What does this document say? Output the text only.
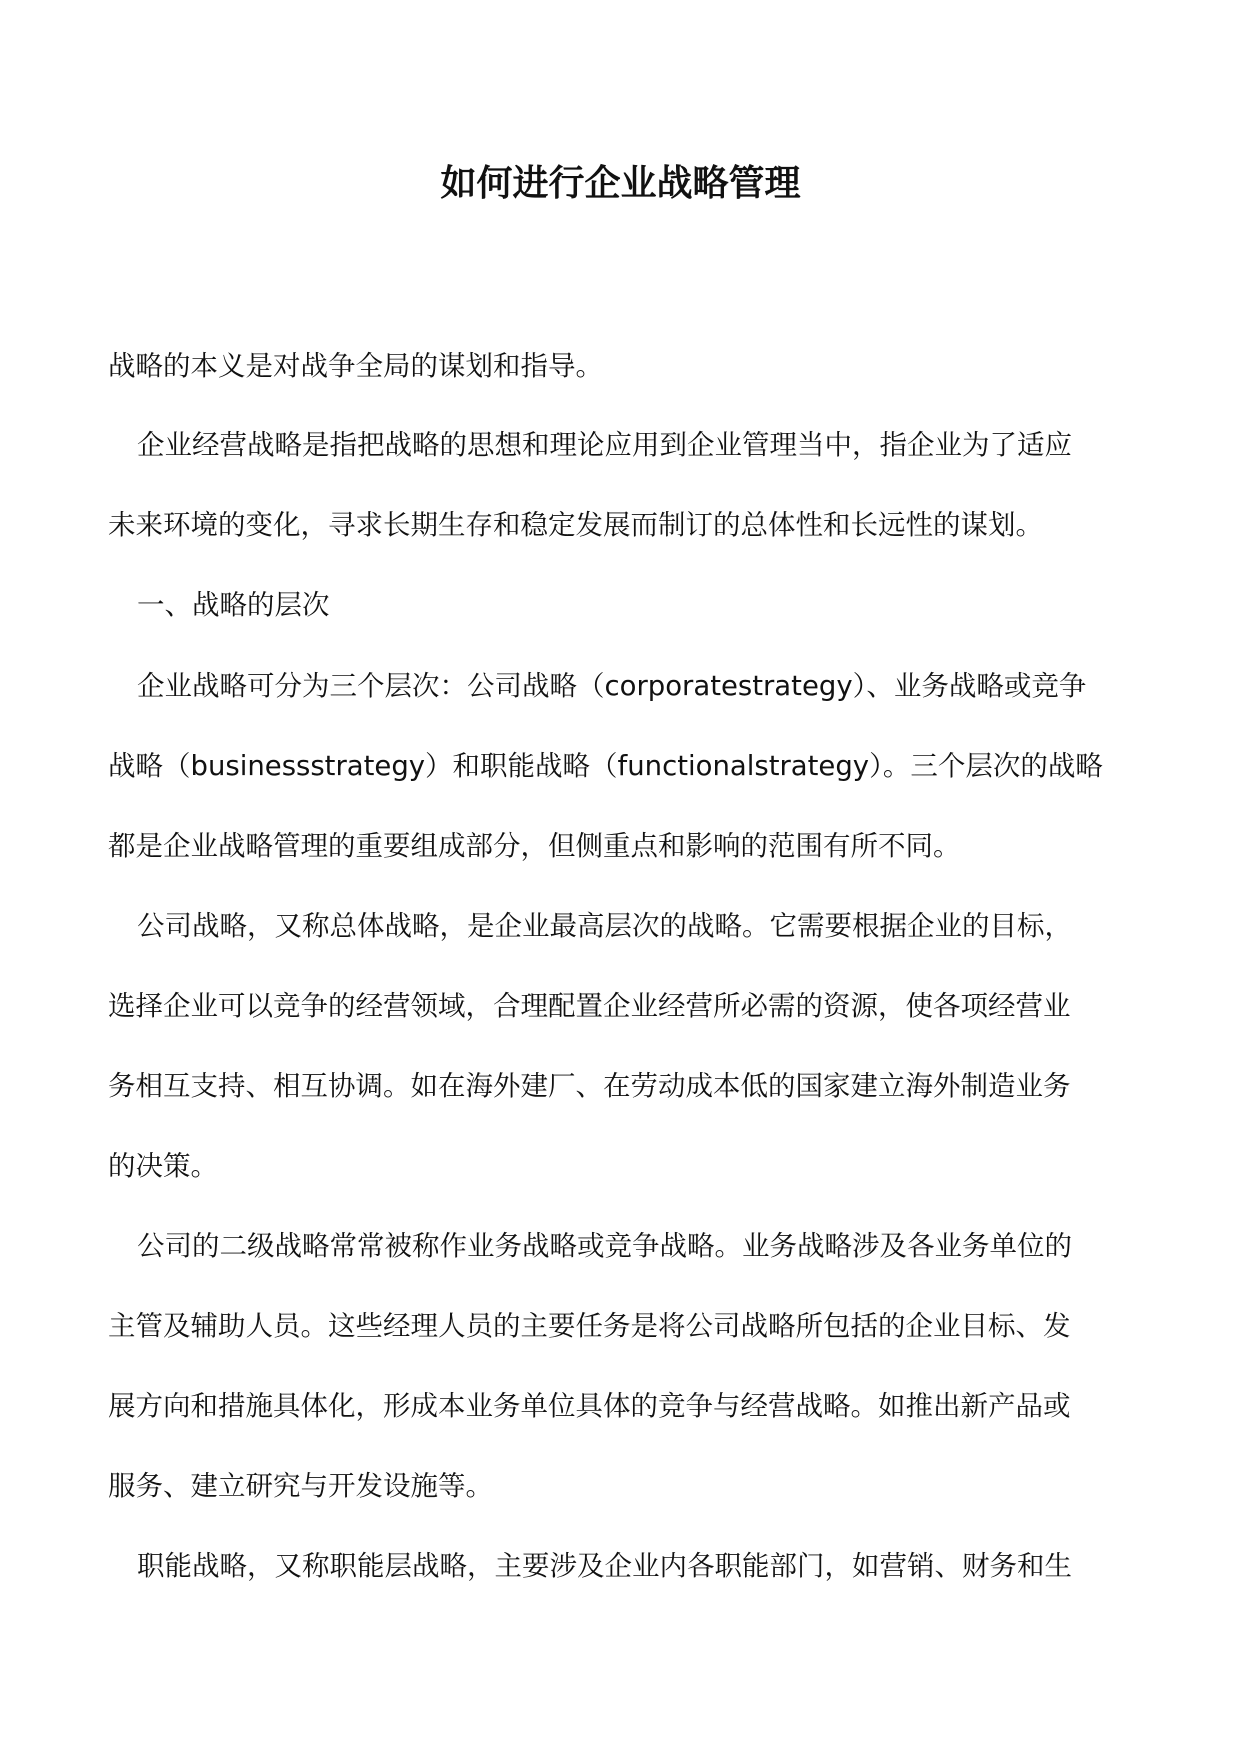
如何进行企业战略管理
战略的本义是对战争全局的谋划和指导。
企业经营战略是指把战略的思想和理论应用到企业管理当中，指企业为了适应
未来环境的变化，寻求长期生存和稳定发展而制订的总体性和长远性的谋划。
一、战略的层次
企业战略可分为三个层次：公司战略（corporatestrategy）、业务战略或竞争
战略（businessstrategy）和职能战略（functionalstrategy）。三个层次的战略
都是企业战略管理的重要组成部分，但侧重点和影响的范围有所不同。
公司战略，又称总体战略，是企业最高层次的战略。它需要根据企业的目标，
选择企业可以竞争的经营领域，合理配置企业经营所必需的资源，使各项经营业
务相互支持、相互协调。如在海外建厂、在劳动成本低的国家建立海外制造业务
的决策。
公司的二级战略常常被称作业务战略或竞争战略。业务战略涉及各业务单位的
主管及辅助人员。这些经理人员的主要任务是将公司战略所包括的企业目标、发
展方向和措施具体化，形成本业务单位具体的竞争与经营战略。如推出新产品或
服务、建立研究与开发设施等。
职能战略，又称职能层战略，主要涉及企业内各职能部门，如营销、财务和生
